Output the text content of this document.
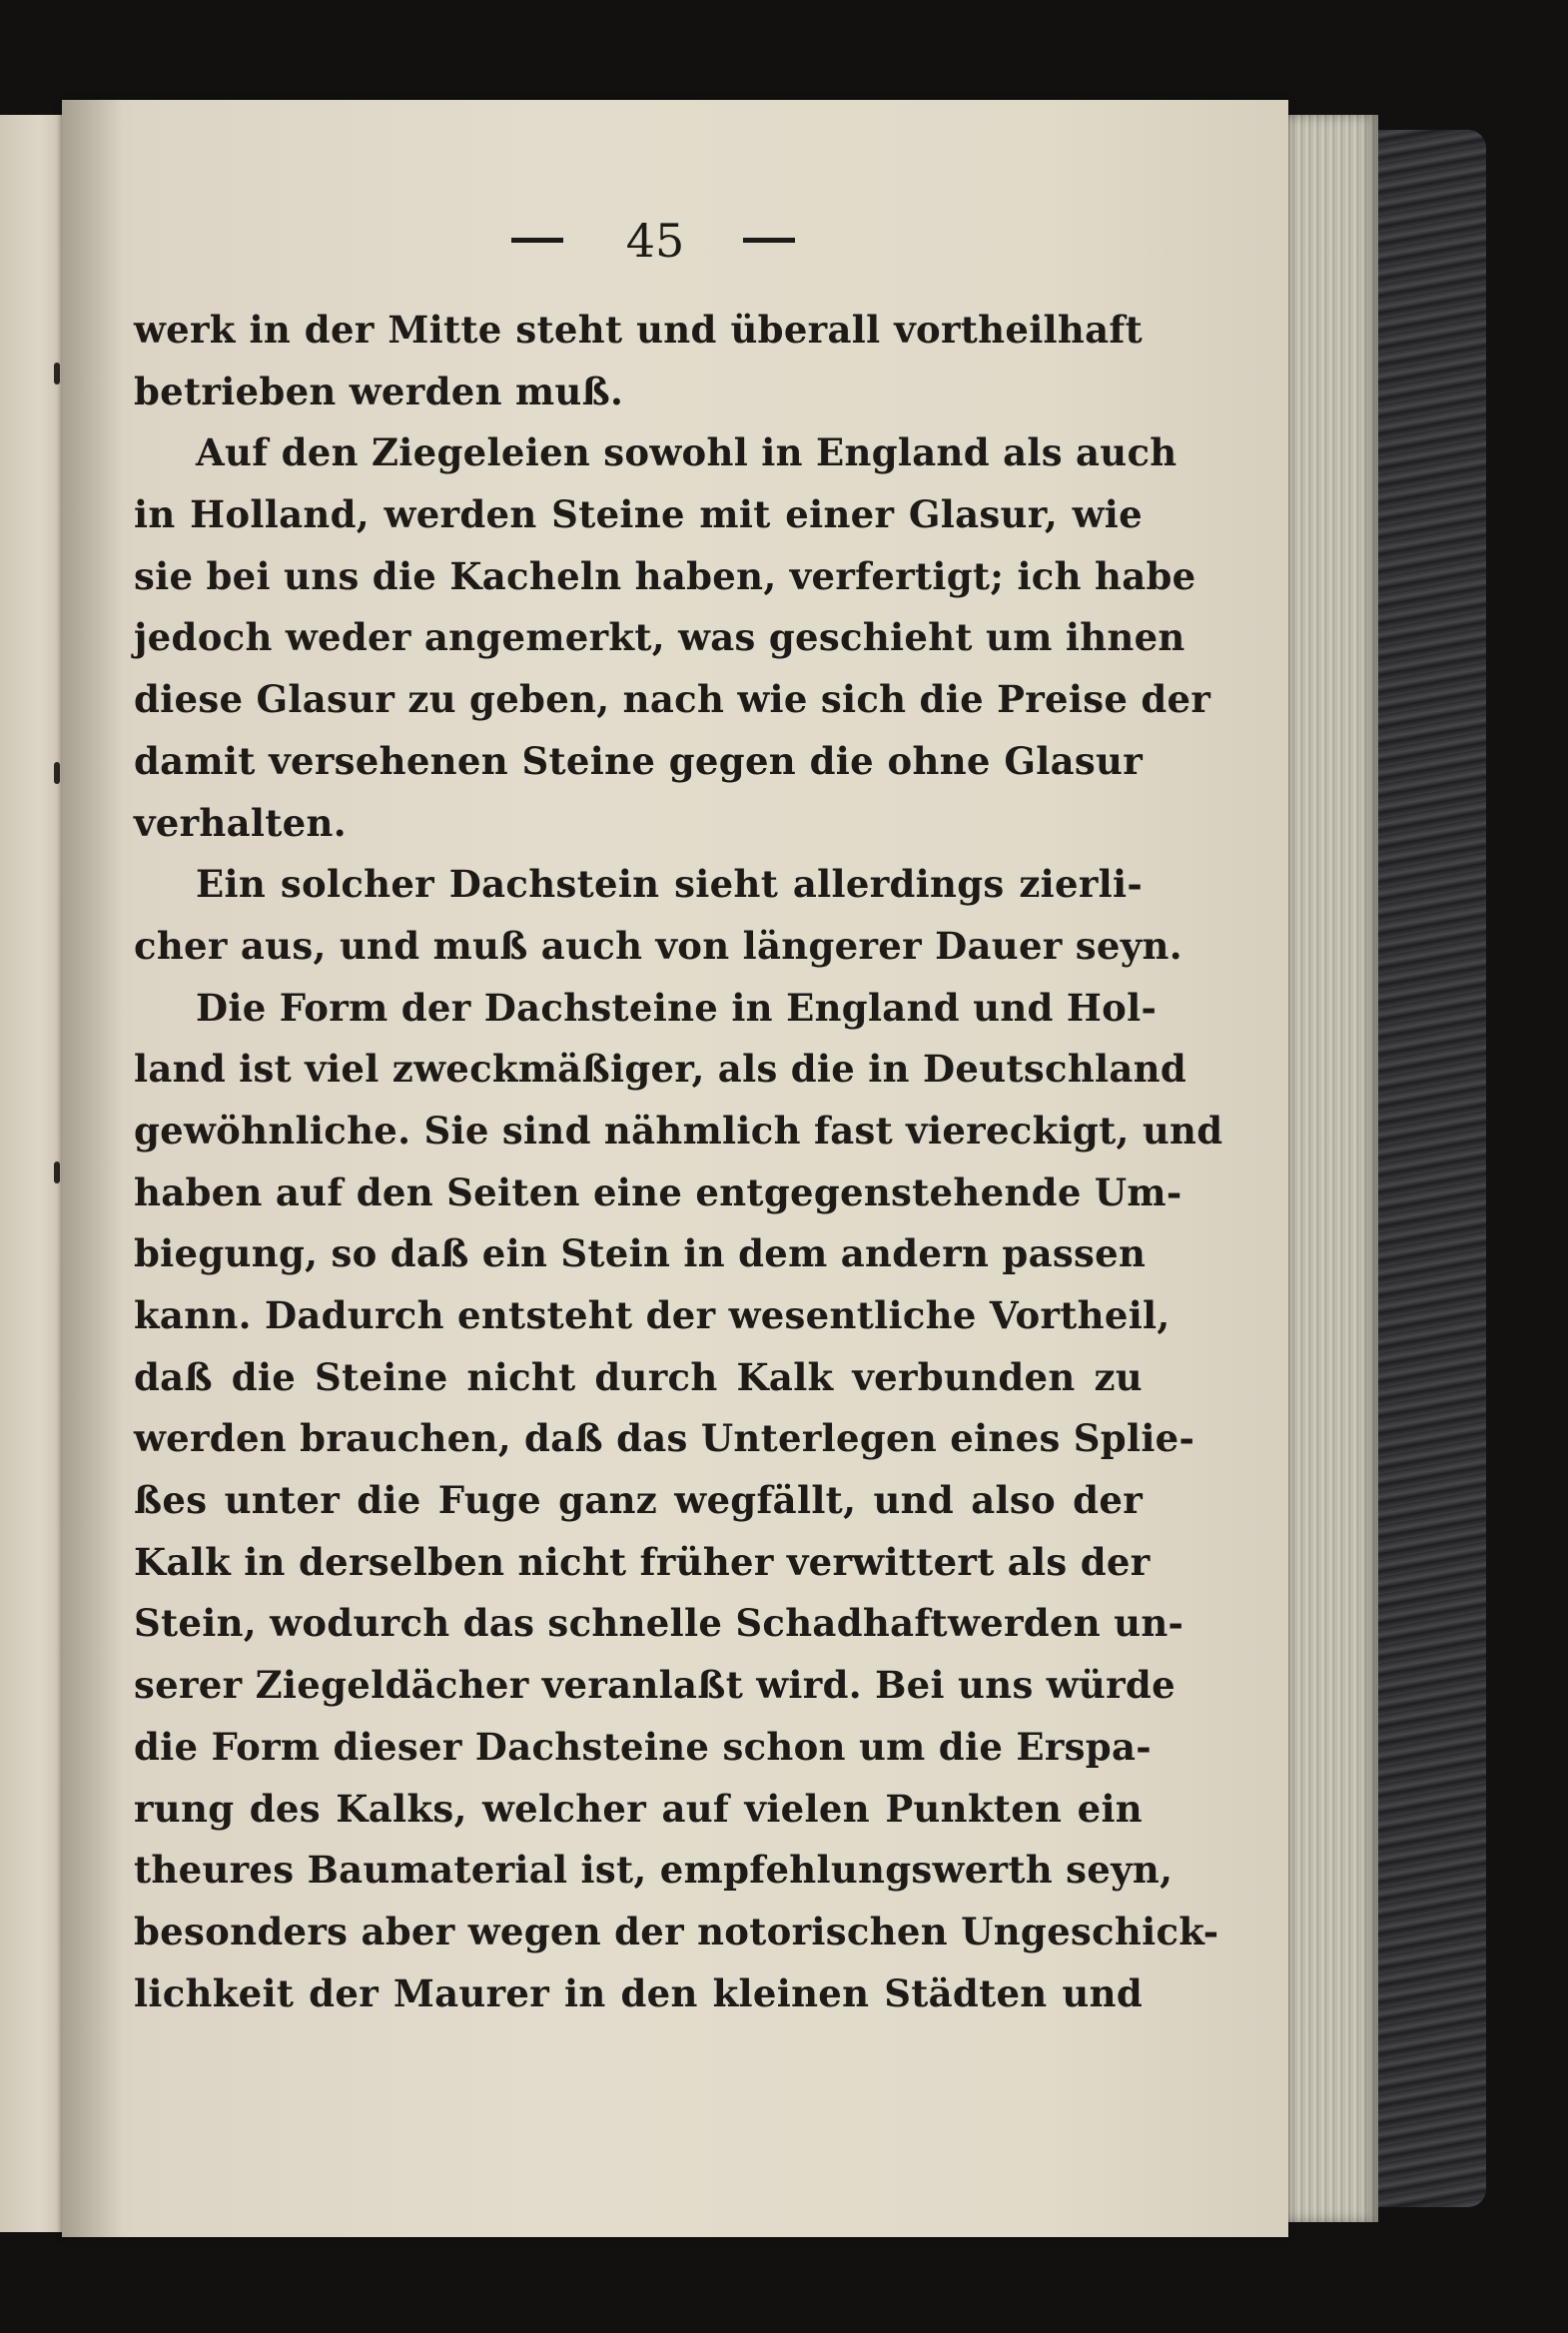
45
werk in der Mitte steht und überall vortheilhaft
betrieben werden muß.
Auf den Ziegeleien sowohl in England als auch
in Holland, werden Steine mit einer Glasur, wie
sie bei uns die Kacheln haben, verfertigt; ich habe
jedoch weder angemerkt, was geschieht um ihnen
diese Glasur zu geben, nach wie sich die Preise der
damit versehenen Steine gegen die ohne Glasur
verhalten.
Ein solcher Dachstein sieht allerdings zierli-
cher aus, und muß auch von längerer Dauer seyn.
Die Form der Dachsteine in England und Hol-
land ist viel zweckmäßiger, als die in Deutschland
gewöhnliche. Sie sind nähmlich fast viereckigt, und
haben auf den Seiten eine entgegenstehende Um-
biegung, so daß ein Stein in dem andern passen
kann. Dadurch entsteht der wesentliche Vortheil,
daß die Steine nicht durch Kalk verbunden zu
werden brauchen, daß das Unterlegen eines Splie-
ßes unter die Fuge ganz wegfällt, und also der
Kalk in derselben nicht früher verwittert als der
Stein, wodurch das schnelle Schadhaftwerden un-
serer Ziegeldächer veranlaßt wird. Bei uns würde
die Form dieser Dachsteine schon um die Erspa-
rung des Kalks, welcher auf vielen Punkten ein
theures Baumaterial ist, empfehlungswerth seyn,
besonders aber wegen der notorischen Ungeschick-
lichkeit der Maurer in den kleinen Städten und
